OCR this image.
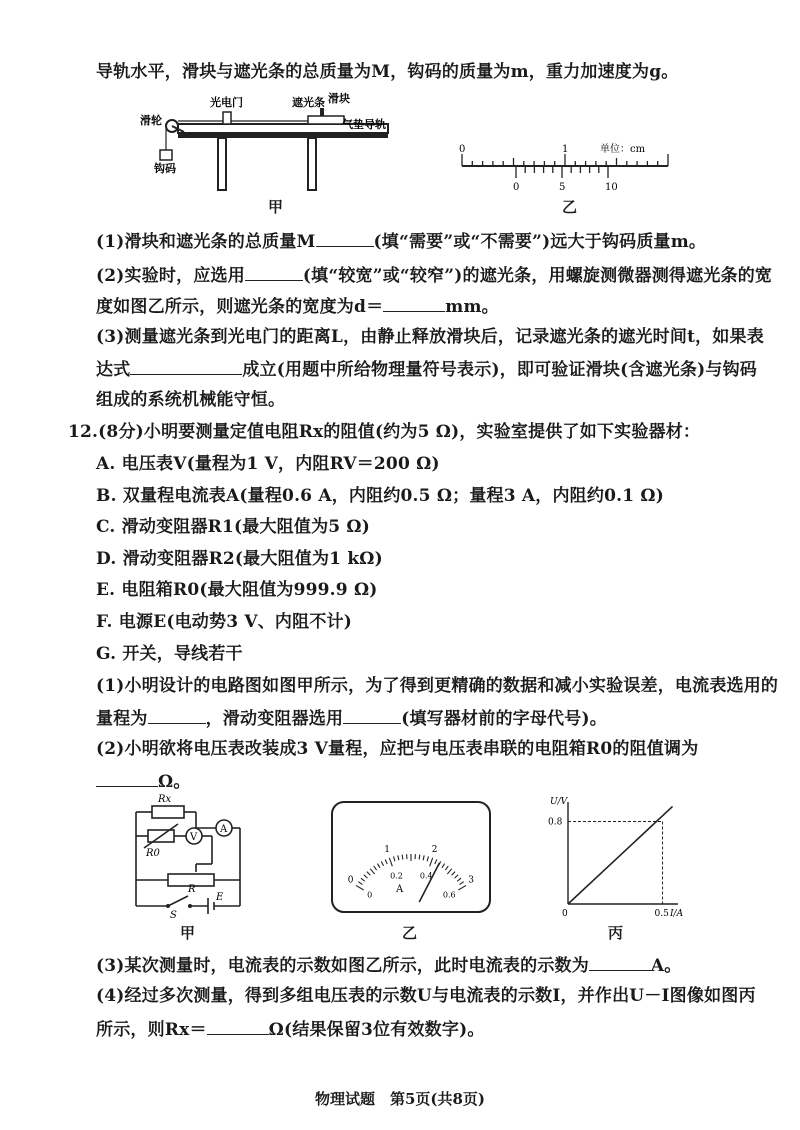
导轨水平，滑块与遮光条的总质量为M，钩码的质量为m，重力加速度为g。
滑轮
光电门	遮光条 滑块
气垫导轨
钩码
甲
0	1
0	5	10
单位：cm
乙
(1)滑块和遮光条的总质量M	(填“需要”或“不需要”)远大于钩码质量m。
(2)实验时，应选用	(填“较宽”或“较窄”)的遮光条，用螺旋测微器测得遮光条的宽
度如图乙所示，则遮光条的宽度为d＝	mm。
(3)测量遮光条到光电门的距离L，由静止释放滑块后，记录遮光条的遮光时间t，如果表
达式	成立(用题中所给物理量符号表示)，即可验证滑块(含遮光条)与钩码
组成的系统机械能守恒。
12.(8分)小明要测量定值电阻Rx的阻值(约为5 Ω)，实验室提供了如下实验器材：
A. 电压表V(量程为1 V，内阻RV＝200 Ω)
B. 双量程电流表A(量程0.6 A，内阻约0.5 Ω；量程3 A，内阻约0.1 Ω)
C. 滑动变阻器R1(最大阻值为5 Ω)
D. 滑动变阻器R2(最大阻值为1 kΩ)
E. 电阻箱R0(最大阻值为999.9 Ω)
F. 电源E(电动势3 V、内阻不计)
G. 开关，导线若干
(1)小明设计的电路图如图甲所示，为了得到更精确的数据和减小实验误差，电流表选用的
量程为	，滑动变阻器选用	(填写器材前的字母代号)。
(2)小明欲将电压表改装成3 V量程，应把与电压表串联的电阻箱R0的阻值调为
Ω。
Rx
R0
V
A
R
E
S
甲
0
1	2
3
0
0.2 0.4
0.6
A
乙
0	0.5
0.8
I/A
U/V
丙
(3)某次测量时，电流表的示数如图乙所示，此时电流表的示数为	A。
(4)经过多次测量，得到多组电压表的示数U与电流表的示数I，并作出U－I图像如图丙
所示，则Rx＝	Ω(结果保留3位有效数字)。
物理试题　第5页(共8页)
